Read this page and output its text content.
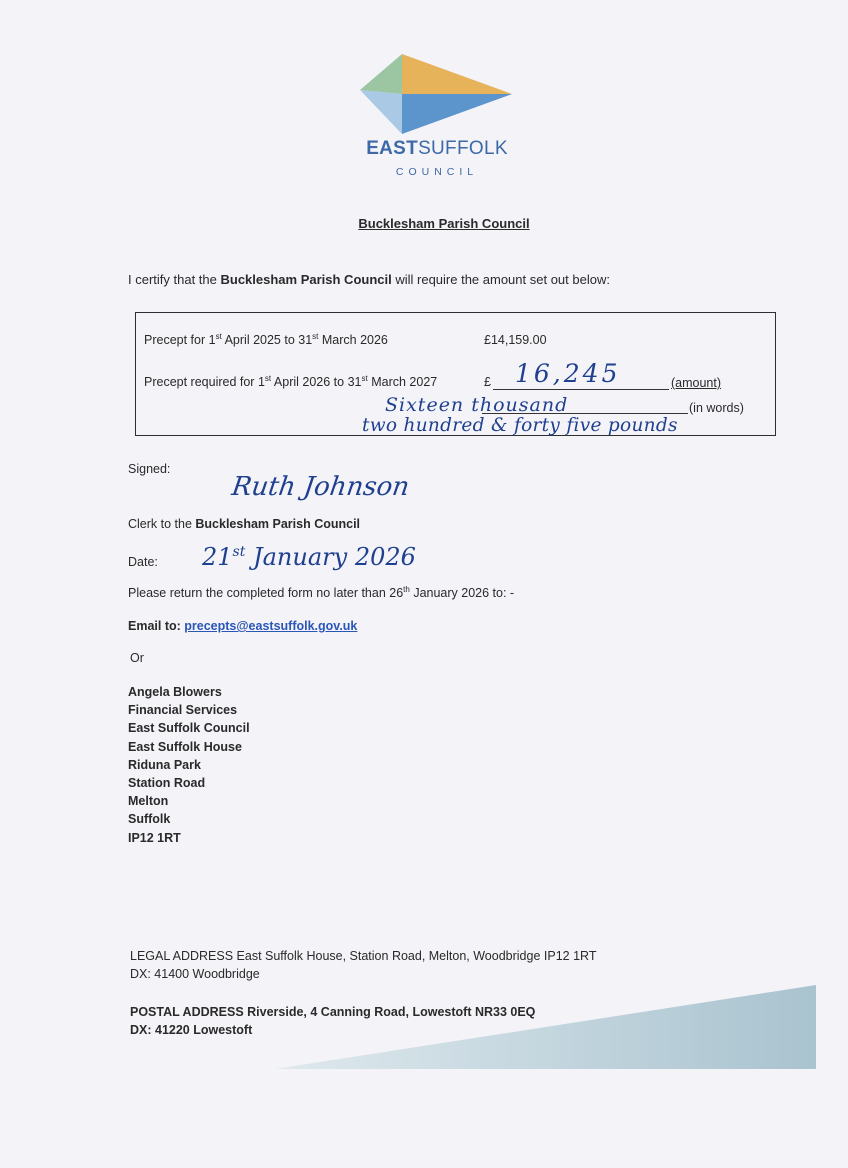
EASTSUFFOLK
COUNCIL
Bucklesham Parish Council
I certify that the Bucklesham Parish Council will require the amount set out below:
Precept for 1st April 2025 to 31st March 2026	£14,159.00
Precept required for 1st April 2026 to 31st March 2027	£ 16,245	(amount)
Sixteen thousand	(in words)
two hundred & forty five pounds
Signed:
Ruth Johnson
Clerk to the Bucklesham Parish Council
Date: 21st January 2026
Please return the completed form no later than 26th January 2026 to: -
Email to: precepts@eastsuffolk.gov.uk
Or
Angela Blowers
Financial Services
East Suffolk Council
East Suffolk House
Riduna Park
Station Road
Melton
Suffolk
IP12 1RT
LEGAL ADDRESS East Suffolk House, Station Road, Melton, Woodbridge IP12 1RT
DX: 41400 Woodbridge
POSTAL ADDRESS Riverside, 4 Canning Road, Lowestoft NR33 0EQ
DX: 41220 Lowestoft
